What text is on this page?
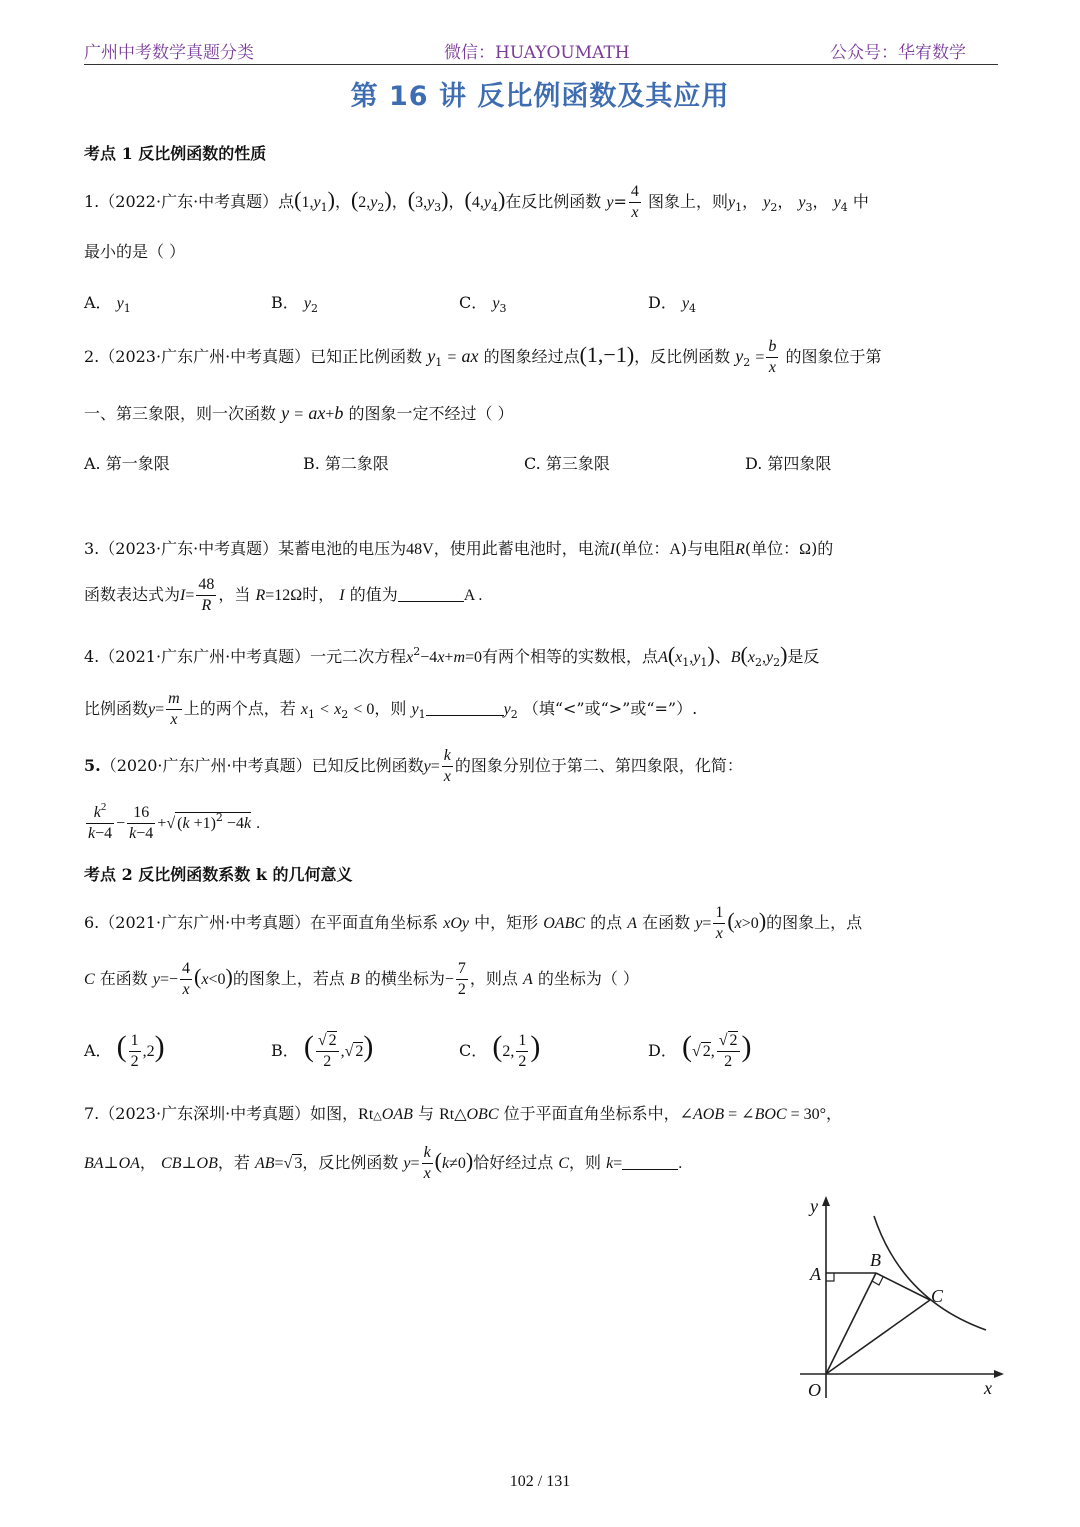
广州中考数学真题分类	微信：HUAYOUMATH	公众号：华宥数学
第 16 讲 反比例函数及其应用
考点 1 反比例函数的性质
1.（2022·广东·中考真题）点$(1,y_1)$，$(2,y_2)$，$(3,y_3)$，$(4,y_4)$在反比例函数 $y= \frac{4}{x}$ 图象上，则$y_1$， $y_2$， $y_3$， $y_4$ 中
最小的是（ ）
A． $y_1$	B． $y_2$	C． $y_3$	D． $y_4$
2.（2023·广东广州·中考真题）已知正比例函数 $y_1$ = ax 的图象经过点(1,−1)，反比例函数 $y_2 = \frac{b}{x}$ 的图象位于第
一、第三象限，则一次函数 y = ax+b 的图象一定不经过（ ）
A. 第一象限	B. 第二象限	C. 第三象限	D. 第四象限
3.（2023·广东·中考真题）某蓄电池的电压为48V，使用此蓄电池时，电流I(单位：A)与电阻R(单位：Ω)的
函数表达式为$I= \frac{48}{R}$ ，当 R=12Ω时， I 的值为	A .
4.（2021·广东广州·中考真题）一元二次方程$x^2-4x+m=0$有两个相等的实数根，点$A(x_1,y_1)$、$B(x_2,y_2)$是反
比例函数$y= \frac{m}{x}$ 上的两个点，若 $x_1 < x_2 < 0$，则 $y_1$	$y_2$ （填“<”或“>”或“=”）.
5.（2020·广东广州·中考真题）已知反比例函数$y= \frac{k}{x}$ 的图象分别位于第二、第四象限，化简：
$\frac{k^2}{k-4} - \frac{16}{k-4}$ +√ $(k +1)^2 -4k$ .
考点 2 反比例函数系数 k 的几何意义
6.（2021·广东广州·中考真题）在平面直角坐标系 xOy 中，矩形 OABC 的点 A 在函数 $y= \frac{1}{x} (x>0)$的图象上，点
C 在函数 $y=- \frac{4}{x} (x<0)$的图象上，若点 B 的横坐标为− $\frac{7}{2}$ ，则点 A 的坐标为（ ）
A． ( $\frac{1}{2} ,2$)	B． ( $\frac{√ 2}{2}$ ,√ 2)	C． (2, $\frac{1}{2}$ )	D． (√ 2, $\frac{√ 2}{2}$ )
7.（2023·广东深圳·中考真题）如图，Rt△OAB 与 Rt△OBC 位于平面直角坐标系中，∠AOB = ∠BOC = 30°，
BA⊥OA， CB⊥OB，若 AB=√ 3，反比例函数 $y= \frac{k}{x} (k\ne 0)$恰好经过点 C，则 k=	.
y
x
O
A
B
C
102 / 131
